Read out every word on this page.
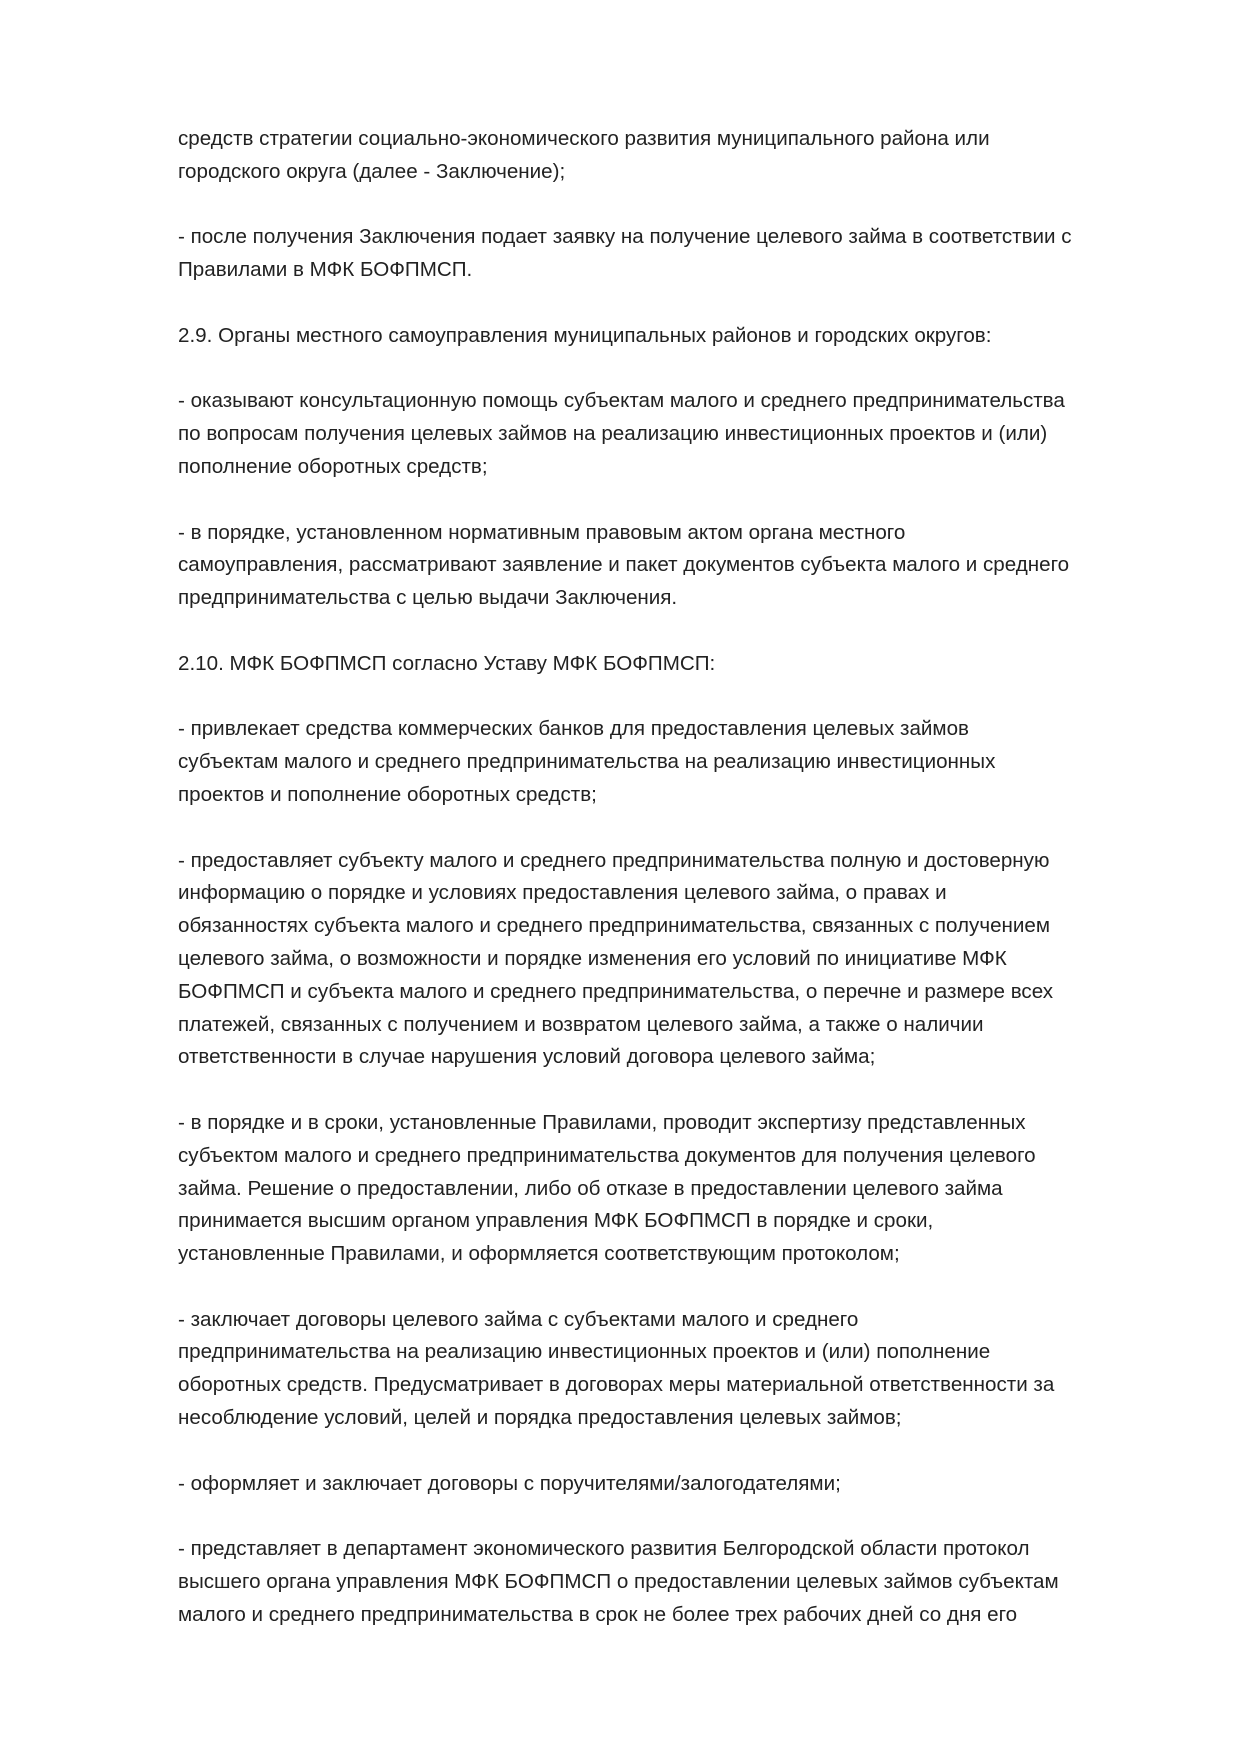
средств стратегии социально-экономического развития муниципального района или
городского округа (далее - Заключение);

- после получения Заключения подает заявку на получение целевого займа в соответствии с
Правилами в МФК БОФПМСП.

2.9. Органы местного самоуправления муниципальных районов и городских округов:

- оказывают консультационную помощь субъектам малого и среднего предпринимательства
по вопросам получения целевых займов на реализацию инвестиционных проектов и (или)
пополнение оборотных средств;

- в порядке, установленном нормативным правовым актом органа местного
самоуправления, рассматривают заявление и пакет документов субъекта малого и среднего
предпринимательства с целью выдачи Заключения.

2.10. МФК БОФПМСП согласно Уставу МФК БОФПМСП:

- привлекает средства коммерческих банков для предоставления целевых займов
субъектам малого и среднего предпринимательства на реализацию инвестиционных
проектов и пополнение оборотных средств;

- предоставляет субъекту малого и среднего предпринимательства полную и достоверную
информацию о порядке и условиях предоставления целевого займа, о правах и
обязанностях субъекта малого и среднего предпринимательства, связанных с получением
целевого займа, о возможности и порядке изменения его условий по инициативе МФК
БОФПМСП и субъекта малого и среднего предпринимательства, о перечне и размере всех
платежей, связанных с получением и возвратом целевого займа, а также о наличии
ответственности в случае нарушения условий договора целевого займа;

- в порядке и в сроки, установленные Правилами, проводит экспертизу представленных
субъектом малого и среднего предпринимательства документов для получения целевого
займа. Решение о предоставлении, либо об отказе в предоставлении целевого займа
принимается высшим органом управления МФК БОФПМСП в порядке и сроки,
установленные Правилами, и оформляется соответствующим протоколом;

- заключает договоры целевого займа с субъектами малого и среднего
предпринимательства на реализацию инвестиционных проектов и (или) пополнение
оборотных средств. Предусматривает в договорах меры материальной ответственности за
несоблюдение условий, целей и порядка предоставления целевых займов;

- оформляет и заключает договоры с поручителями/залогодателями;

- представляет в департамент экономического развития Белгородской области протокол
высшего органа управления МФК БОФПМСП о предоставлении целевых займов субъектам
малого и среднего предпринимательства в срок не более трех рабочих дней со дня его
